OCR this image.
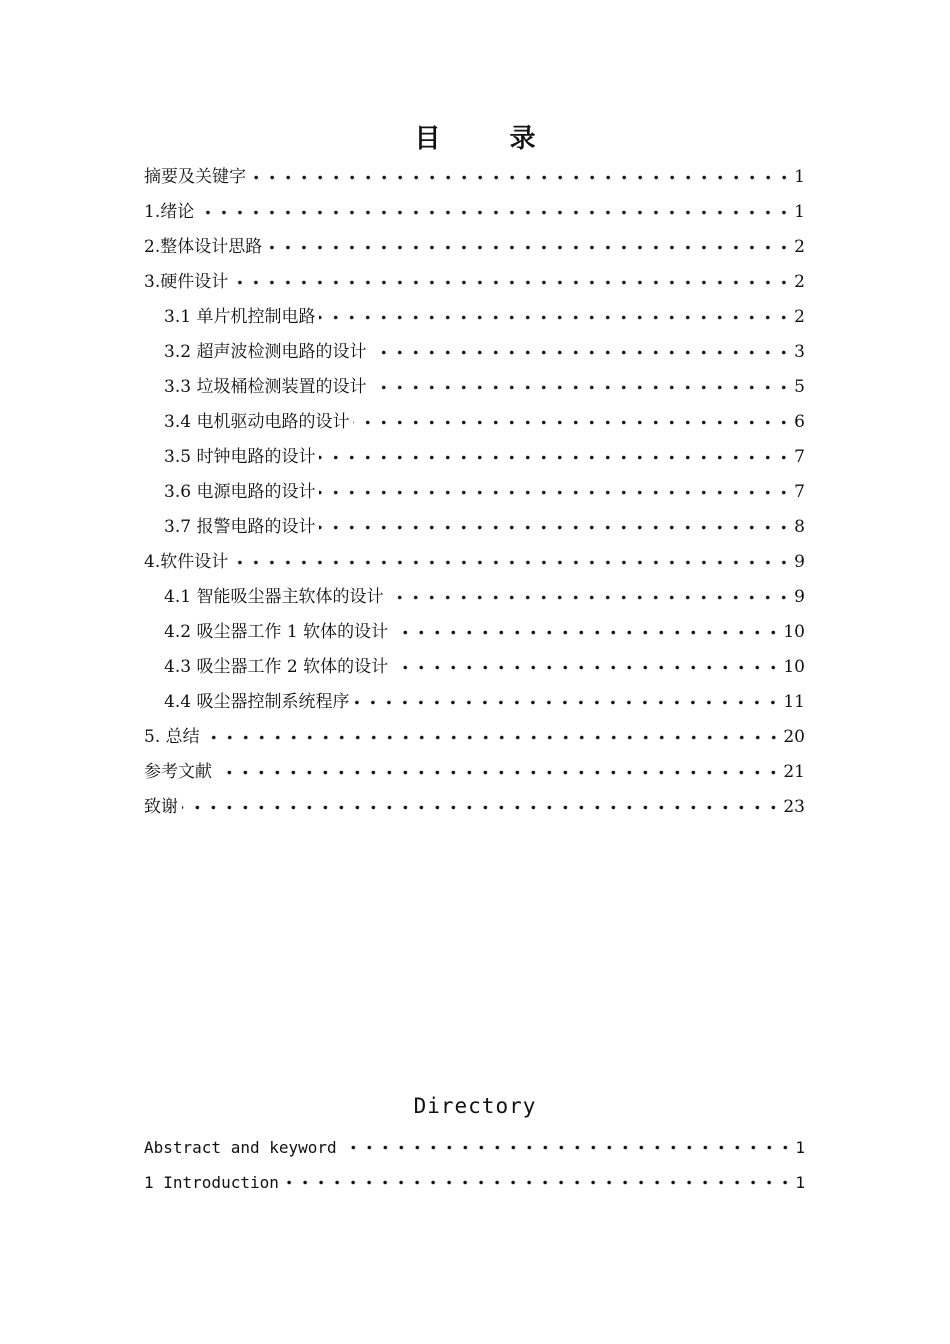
目 录
摘要及关键字	1
1.绪论	1
2.整体设计思路	2
3.硬件设计	2
3.1 单片机控制电路	2
3.2 超声波检测电路的设计	3
3.3 垃圾桶检测装置的设计	5
3.4 电机驱动电路的设计	6
3.5 时钟电路的设计	7
3.6 电源电路的设计	7
3.7 报警电路的设计	8
4.软件设计	9
4.1 智能吸尘器主软体的设计	9
4.2 吸尘器工作 1 软体的设计	10
4.3 吸尘器工作 2 软体的设计	10
4.4 吸尘器控制系统程序	11
5. 总结	20
参考文献	21
致谢	23
Directory
Abstract and keyword	1
1 Introduction	1
